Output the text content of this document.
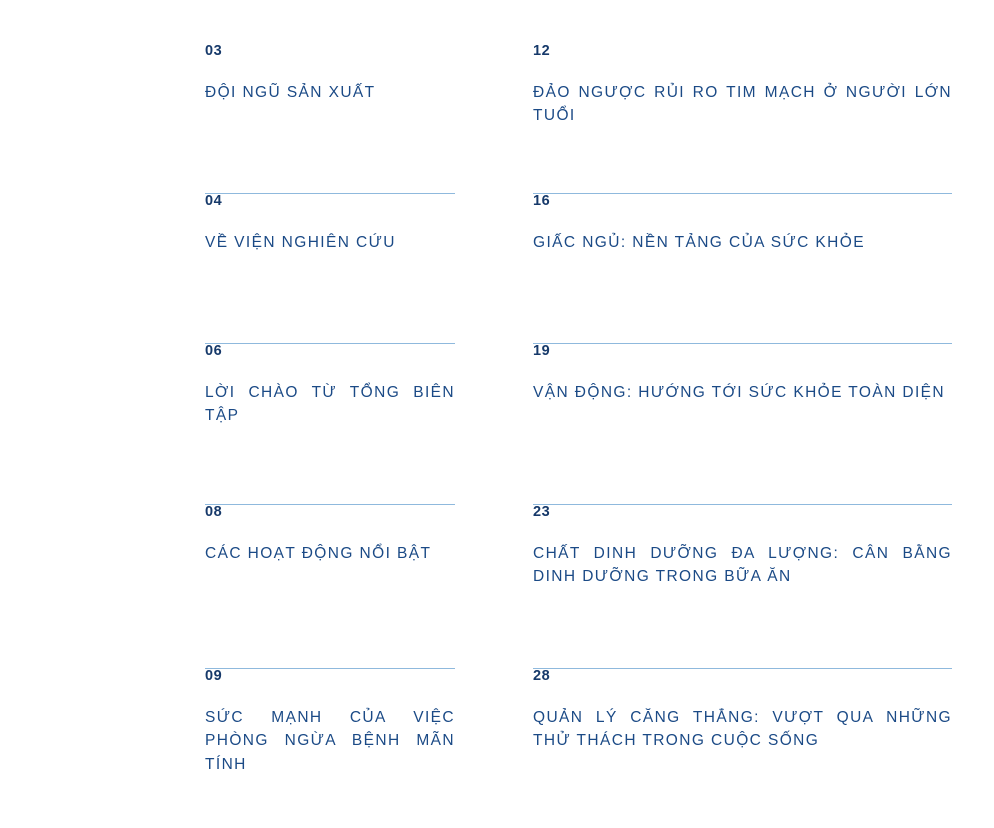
03
ĐỘI NGŨ SẢN XUẤT
04
VỀ VIỆN NGHIÊN CỨU
06
LỜI CHÀO TỪ TỔNG BIÊN TẬP
08
CÁC HOẠT ĐỘNG NỔI BẬT
09
SỨC MẠNH CỦA VIỆC PHÒNG NGỪA BỆNH MÃN TÍNH
12
ĐẢO NGƯỢC RỦI RO TIM MẠCH Ở NGƯỜI LỚN TUỔI
16
GIẤC NGỦ: NỀN TẢNG CỦA SỨC KHỎE
19
VẬN ĐỘNG: HƯỚNG TỚI SỨC KHỎE TOÀN DIỆN
23
CHẤT DINH DƯỠNG ĐA LƯỢNG: CÂN BẰNG DINH DƯỠNG TRONG BỮA ĂN
28
QUẢN LÝ CĂNG THẲNG: VƯỢT QUA NHỮNG THỬ THÁCH TRONG CUỘC SỐNG
